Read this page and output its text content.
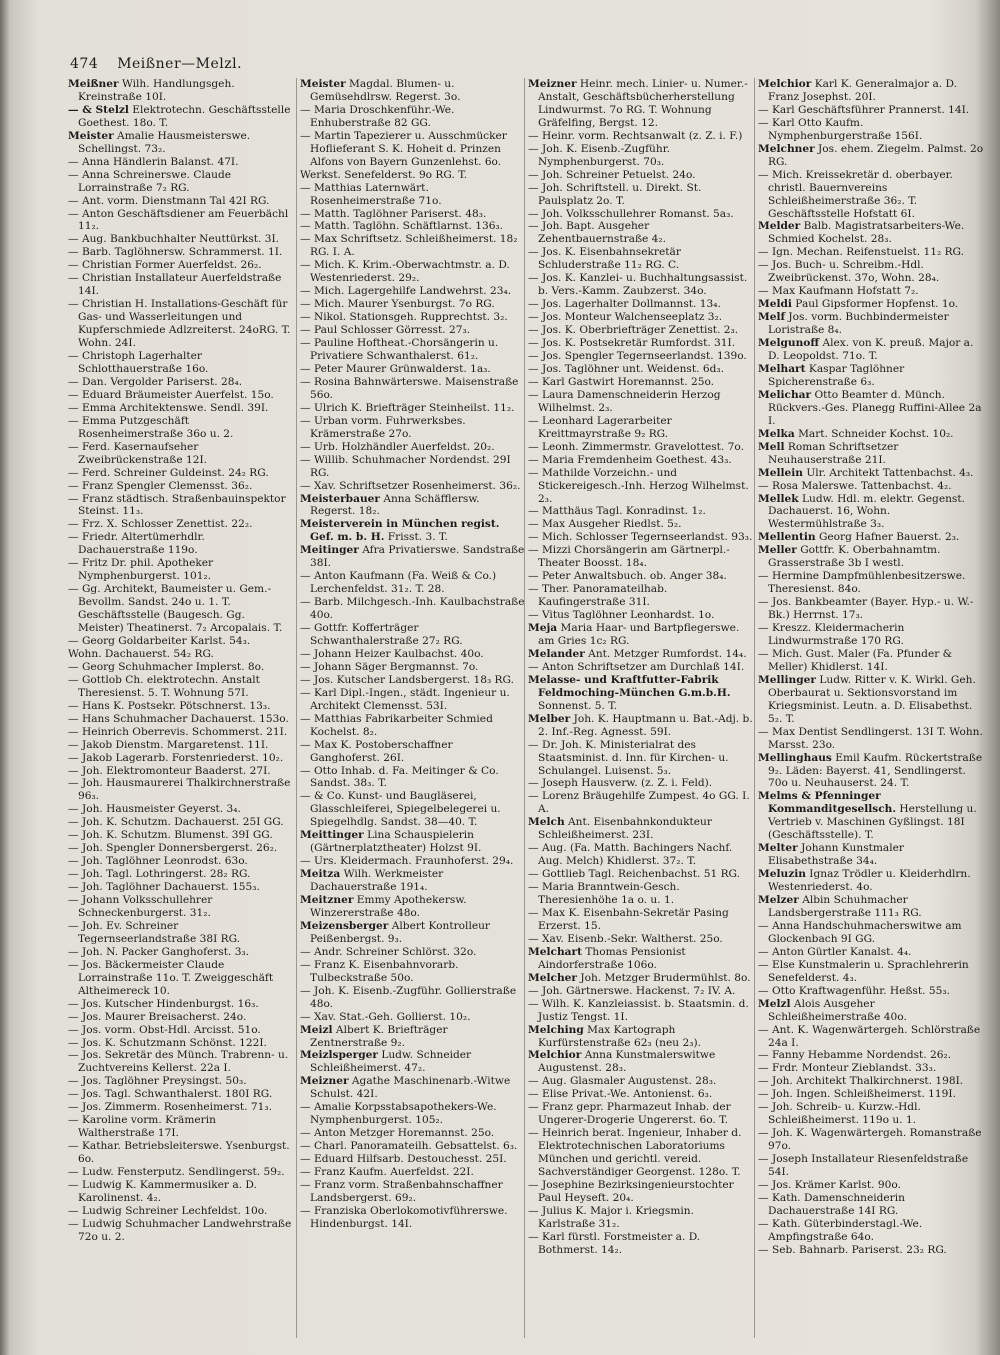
474 Meißner—Melzl.
Meißner Wilh. Handlungsgeh. Kreinstraße 10I.
— & Stelzl Elektrotechn. Geschäftsstelle Goethest. 18o. T.
Meister Amalie Hausmeisterswe. Schellingst. 73₂.
— Anna Händlerin Balanst. 47I.
— Anna Schreinerswe. Claude Lorrainstraße 7₂ RG.
— Ant. vorm. Dienstmann Tal 42I RG.
— Anton Geschäftsdiener am Feuerbächl 11₂.
— Aug. Bankbuchhalter Neuttürkst. 3I.
— Barb. Taglöhnersw. Schrammerst. 1I.
— Christian Former Auerfeldst. 26₂.
— Christian Installateur Auerfeldstraße 14I.
— Christian H. Installations-Geschäft für Gas- und Wasserleitungen und Kupferschmiede Adlzreiterst. 24oRG. T. Wohn. 24I.
— Christoph Lagerhalter Schlotthauerstraße 16o.
— Dan. Vergolder Pariserst. 28₄.
— Eduard Bräumeister Auerfelst. 15o.
— Emma Architektenswe. Sendl. 39I.
— Emma Putzgeschäft Rosenheimerstraße 36o u. 2.
— Ferd. Kasernaufseher Zweibrückenstraße 12I.
— Ferd. Schreiner Guldeinst. 24₂ RG.
— Franz Spengler Clemensst. 36₂.
— Franz städtisch. Straßenbauinspektor Steinst. 11₃.
— Frz. X. Schlosser Zenettist. 22₂.
— Friedr. Altertümerhdlr. Dachauerstraße 119o.
— Fritz Dr. phil. Apotheker Nymphenburgerst. 101₂.
— Gg. Architekt, Baumeister u. Gem.-Bevollm. Sandst. 24o u. 1. T. Geschäftsstelle (Baugesch. Gg. Meister) Theatinerst. 7₂ Arcopalais. T.
— Georg Goldarbeiter Karlst. 54₃.
Wohn. Dachauerst. 54₂ RG.
— Georg Schuhmacher Implerst. 8o.
— Gottlob Ch. elektrotechn. Anstalt Theresienst. 5. T. Wohnung 57I.
— Hans K. Postsekr. Pötschnerst. 13₃.
— Hans Schuhmacher Dachauerst. 153o.
— Heinrich Oberrevis. Schommerst. 21I.
— Jakob Dienstm. Margaretenst. 11I.
— Jakob Lagerarb. Forstenriederst. 10₂.
— Joh. Elektromonteur Baaderst. 27I.
— Joh. Hausmaurerei Thalkirchnerstraße 96₃.
— Joh. Hausmeister Geyerst. 3₄.
— Joh. K. Schutzm. Dachauerst. 25I GG.
— Joh. K. Schutzm. Blumenst. 39I GG.
— Joh. Spengler Donnersbergerst. 26₂.
— Joh. Taglöhner Leonrodst. 63o.
— Joh. Tagl. Lothringerst. 28₂ RG.
— Joh. Taglöhner Dachauerst. 155₃.
— Johann Volksschullehrer Schneckenburgerst. 31₂.
— Joh. Ev. Schreiner Tegernseerlandstraße 38I RG.
— Joh. N. Packer Ganghoferst. 3₃.
— Jos. Bäckermeister Claude Lorrainstraße 11o. T. Zweiggeschäft Altheimereck 10.
— Jos. Kutscher Hindenburgst. 16₃.
— Jos. Maurer Breisacherst. 24o.
— Jos. vorm. Obst-Hdl. Arcisst. 51o.
— Jos. K. Schutzmann Schönst. 122I.
— Jos. Sekretär des Münch. Trabrenn- u. Zuchtvereins Kellerst. 22a I.
— Jos. Taglöhner Preysingst. 50₃.
— Jos. Tagl. Schwanthalerst. 180I RG.
— Jos. Zimmerm. Rosenheimerst. 71₃.
— Karoline vorm. Krämerin Waltherstraße 17I.
— Kathar. Betriebsleiterswe. Ysenburgst. 6o.
— Ludw. Fensterputz. Sendlingerst. 59₂.
— Ludwig K. Kammermusiker a. D. Karolinenst. 4₂.
— Ludwig Schreiner Lechfeldst. 10o.
— Ludwig Schuhmacher Landwehrstraße 72o u. 2.
Meister Magdal. Blumen- u. Gemüsehdlrsw. Regerst. 3o.
— Maria Droschkenführ.-We. Enhuberstraße 82 GG.
— Martin Tapezierer u. Ausschmücker Hoflieferant S. K. Hoheit d. Prinzen Alfons von Bayern Gunzenlehst. 6o.
Werkst. Senefelderst. 9o RG. T.
— Matthias Laternwärt. Rosenheimerstraße 71o.
— Matth. Taglöhner Pariserst. 48₃.
— Matth. Taglöhn. Schäftlarnst. 136₃.
— Max Schriftsetz. Schleißheimerst. 18₂ RG. I. A.
— Mich. K. Krim.-Oberwachtmstr. a. D. Westenriederst. 29₂.
— Mich. Lagergehilfe Landwehrst. 23₄.
— Mich. Maurer Ysenburgst. 7o RG.
— Nikol. Stationsgeh. Rupprechtst. 3₂.
— Paul Schlosser Görresst. 27₃.
— Pauline Hoftheat.-Chorsängerin u. Privatiere Schwanthalerst. 61₂.
— Peter Maurer Grünwalderst. 1a₃.
— Rosina Bahnwärterswe. Maisenstraße 56o.
— Ulrich K. Briefträger Steinheilst. 11₂.
— Urban vorm. Fuhrwerksbes. Krämerstraße 27o.
— Urb. Holzhändler Auerfeldst. 20₂.
— Willib. Schuhmacher Nordendst. 29I RG.
— Xav. Schriftsetzer Rosenheimerst. 36₂.
Meisterbauer Anna Schäfflersw. Regerst. 18₂.
Meisterverein in München regist. Gef. m. b. H. Frisst. 3. T.
Meitinger Afra Privatierswe. Sandstraße 38I.
— Anton Kaufmann (Fa. Weiß & Co.) Lerchenfeldst. 31₂. T. 28.
— Barb. Milchgesch.-Inh. Kaulbachstraße 40o.
— Gottfr. Kofferträger Schwanthalerstraße 27₂ RG.
— Johann Heizer Kaulbachst. 40o.
— Johann Säger Bergmannst. 7o.
— Jos. Kutscher Landsbergerst. 18₃ RG.
— Karl Dipl.-Ingen., städt. Ingenieur u. Architekt Clemensst. 53I.
— Matthias Fabrikarbeiter Schmied Kochelst. 8₂.
— Max K. Postoberschaffner Ganghoferst. 26I.
— Otto Inhab. d. Fa. Meitinger & Co. Sandst. 38₃. T.
— & Co. Kunst- und Baugläserei, Glasschleiferei, Spiegelbelegerei u. Spiegelhdlg. Sandst. 38—40. T.
Meittinger Lina Schauspielerin (Gärtnerplatztheater) Holzst 9I.
— Urs. Kleidermach. Fraunhoferst. 29₄.
Meitza Wilh. Werkmeister Dachauerstraße 191₄.
Meitzner Emmy Apothekersw. Winzererstraße 48o.
Meizensberger Albert Kontrolleur Peißenbergst. 9₃.
— Andr. Schreiner Schlörst. 32o.
— Franz K. Eisenbahnvorarb. Tulbeckstraße 50o.
— Joh. K. Eisenb.-Zugführ. Gollierstraße 48o.
— Xav. Stat.-Geh. Gollierst. 10₂.
Meizl Albert K. Briefträger Zentnerstraße 9₂.
Meizlsperger Ludw. Schneider Schleißheimerst. 47₂.
Meizner Agathe Maschinenarb.-Witwe Schulst. 42I.
— Amalie Korpsstabsapothekers-We. Nymphenburgerst. 105₂.
— Anton Metzger Horemannst. 25o.
— Charl. Panoramateilh. Gebsattelst. 6₃.
— Eduard Hilfsarb. Destouchesst. 25I.
— Franz Kaufm. Auerfeldst. 22I.
— Franz vorm. Straßenbahnschaffner Landsbergerst. 69₂.
— Franziska Oberlokomotivführerswe. Hindenburgst. 14I.
Meizner Heinr. mech. Linier- u. Numer.-Anstalt, Geschäftsbücherherstellung Lindwurmst. 7o RG. T. Wohnung Gräfelfing, Bergst. 12.
— Heinr. vorm. Rechtsanwalt (z. Z. i. F.)
— Joh. K. Eisenb.-Zugführ. Nymphenburgerst. 70₃.
— Joh. Schreiner Petuelst. 24o.
— Joh. Schriftstell. u. Direkt. St. Paulsplatz 2o. T.
— Joh. Volksschullehrer Romanst. 5a₃.
— Joh. Bapt. Ausgeher Zehentbauernstraße 4₂.
— Jos. K. Eisenbahnsekretär Schluderstraße 11₂ RG. C.
— Jos. K. Kanzlei- u. Buchhaltungsassist. b. Vers.-Kamm. Zaubzerst. 34o.
— Jos. Lagerhalter Dollmannst. 13₄.
— Jos. Monteur Walchenseeplatz 3₂.
— Jos. K. Oberbriefträger Zenettist. 2₃.
— Jos. K. Postsekretär Rumfordst. 31I.
— Jos. Spengler Tegernseerlandst. 139o.
— Jos. Taglöhner unt. Weidenst. 6d₃.
— Karl Gastwirt Horemannst. 25o.
— Laura Damenschneiderin Herzog Wilhelmst. 2₃.
— Leonhard Lagerarbeiter Kreittmayrstraße 9₂ RG.
— Leonh. Zimmermstr. Gravelottest. 7o.
— Maria Fremdenheim Goethest. 43₃.
— Mathilde Vorzeichn.- und Stickereigesch.-Inh. Herzog Wilhelmst. 2₃.
— Matthäus Tagl. Konradinst. 1₂.
— Max Ausgeher Riedlst. 5₂.
— Mich. Schlosser Tegernseerlandst. 93₃.
— Mizzi Chorsängerin am Gärtnerpl.-Theater Boosst. 18₄.
— Peter Anwaltsbuch. ob. Anger 38₄.
— Ther. Panoramateilhab. Kaufingerstraße 31I.
— Vitus Taglöhner Leonhardst. 1o.
Meja Maria Haar- und Bartpflegerswe. am Gries 1c₂ RG.
Melander Ant. Metzger Rumfordst. 14₄.
— Anton Schriftsetzer am Durchlaß 14I.
Melasse- und Kraftfutter-Fabrik Feldmoching-München G.m.b.H. Sonnenst. 5. T.
Melber Joh. K. Hauptmann u. Bat.-Adj. b. 2. Inf.-Reg. Agnesst. 59I.
— Dr. Joh. K. Ministerialrat des Staatsminist. d. Inn. für Kirchen- u. Schulangel. Luisenst. 5₃.
— Joseph Hausverw. (z. Z. i. Feld).
— Lorenz Bräugehilfe Zumpest. 4o GG. I. A.
Melch Ant. Eisenbahnkondukteur Schleißheimerst. 23I.
— Aug. (Fa. Matth. Bachingers Nachf. Aug. Melch) Khidlerst. 37₂. T.
— Gottlieb Tagl. Reichenbachst. 51 RG.
— Maria Branntwein-Gesch. Theresienhöhe 1a o. u. 1.
— Max K. Eisenbahn-Sekretär Pasing Erzerst. 15.
— Xav. Eisenb.-Sekr. Waltherst. 25o.
Melchart Thomas Pensionist Aindorferstraße 106o.
Melcher Joh. Metzger Brudermühlst. 8o.
— Joh. Gärtnerswe. Hackenst. 7₂ IV. A.
— Wilh. K. Kanzleiassist. b. Staatsmin. d. Justiz Tengst. 1I.
Melching Max Kartograph Kurfürstenstraße 62₃ (neu 2₃).
Melchior Anna Kunstmalerswitwe Augustenst. 28₃.
— Aug. Glasmaler Augustenst. 28₃.
— Elise Privat.-We. Antonienst. 6₃.
— Franz gepr. Pharmazeut Inhab. der Ungerer-Drogerie Ungererst. 6o. T.
— Heinrich berat. Ingenieur, Inhaber d. Elektrotechnischen Laboratoriums München und gerichtl. vereid. Sachverständiger Georgenst. 128o. T.
— Josephine Bezirksingenieurstochter Paul Heyseft. 20₄.
— Julius K. Major i. Kriegsmin. Karlstraße 31₂.
— Karl fürstl. Forstmeister a. D. Bothmerst. 14₂.
Melchior Karl K. Generalmajor a. D. Franz Josephst. 20I.
— Karl Geschäftsführer Prannerst. 14I.
— Karl Otto Kaufm. Nymphenburgerstraße 156I.
Melchner Jos. ehem. Ziegelm. Palmst. 2o RG.
— Mich. Kreissekretär d. oberbayer. christl. Bauernvereins Schleißheimerstraße 36₂. T. Geschäftsstelle Hofstatt 6I.
Melder Balb. Magistratsarbeiters-We. Schmied Kochelst. 28₃.
— Ign. Mechan. Reifenstuelst. 11₂ RG.
— Jos. Buch- u. Schreibm.-Hdl. Zweibrückenst. 37o, Wohn. 28₄.
— Max Kaufmann Hofstatt 7₂.
Meldi Paul Gipsformer Hopfenst. 1o.
Melf Jos. vorm. Buchbindermeister Loristraße 8₄.
Melgunoff Alex. von K. preuß. Major a. D. Leopoldst. 71o. T.
Melhart Kaspar Taglöhner Spicherenstraße 6₃.
Melichar Otto Beamter d. Münch. Rückvers.-Ges. Planegg Ruffini-Allee 2a I.
Melka Mart. Schneider Kochst. 10₂.
Mell Roman Schriftsetzer Neuhauserstraße 21I.
Mellein Ulr. Architekt Tattenbachst. 4₃.
— Rosa Malerswe. Tattenbachst. 4₂.
Mellek Ludw. Hdl. m. elektr. Gegenst. Dachauerst. 16, Wohn. Westermühlstraße 3₃.
Mellentin Georg Hafner Bauerst. 2₃.
Meller Gottfr. K. Oberbahnamtm. Grasserstraße 3b I westl.
— Hermine Dampfmühlenbesitzerswe. Theresienst. 84o.
— Jos. Bankbeamter (Bayer. Hyp.- u. W.-Bk.) Herrnst. 17₃.
— Kreszz. Kleidermacherin Lindwurmstraße 170 RG.
— Mich. Gust. Maler (Fa. Pfunder & Meller) Khidlerst. 14I.
Mellinger Ludw. Ritter v. K. Wirkl. Geh. Oberbaurat u. Sektionsvorstand im Kriegsminist. Leutn. a. D. Elisabethst. 5₂. T.
— Max Dentist Sendlingerst. 13I T. Wohn. Marsst. 23o.
Mellinghaus Emil Kaufm. Rückertstraße 9₂. Läden: Bayerst. 41, Sendlingerst. 70o u. Neuhauserst. 24. T.
Melms & Pfenninger Kommanditgesellsch. Herstellung u. Vertrieb v. Maschinen Gyßlingst. 18I (Geschäftsstelle). T.
Melter Johann Kunstmaler Elisabethstraße 34₄.
Meluzin Ignaz Trödler u. Kleiderhdlrn. Westenriederst. 4o.
Melzer Albin Schuhmacher Landsbergerstraße 111₃ RG.
— Anna Handschuhmacherswitwe am Glockenbach 9I GG.
— Anton Gürtler Kanalst. 4₄.
— Else Kunstmalerin u. Sprachlehrerin Senefelderst. 4₃.
— Otto Kraftwagenführ. Heßst. 55₃.
Melzl Alois Ausgeher Schleißheimerstraße 40o.
— Ant. K. Wagenwärtergeh. Schlörstraße 24a I.
— Fanny Hebamme Nordendst. 26₂.
— Frdr. Monteur Zieblandst. 33₃.
— Joh. Architekt Thalkirchnerst. 198I.
— Joh. Ingen. Schleißheimerst. 119I.
— Joh. Schreib- u. Kurzw.-Hdl. Schleißheimerst. 119o u. 1.
— Joh. K. Wagenwärtergeh. Romanstraße 97o.
— Joseph Installateur Riesenfeldstraße 54I.
— Jos. Krämer Karlst. 90o.
— Kath. Damenschneiderin Dachauerstraße 14I RG.
— Kath. Güterbinderstagl.-We. Ampfingstraße 64o.
— Seb. Bahnarb. Pariserst. 23₂ RG.
